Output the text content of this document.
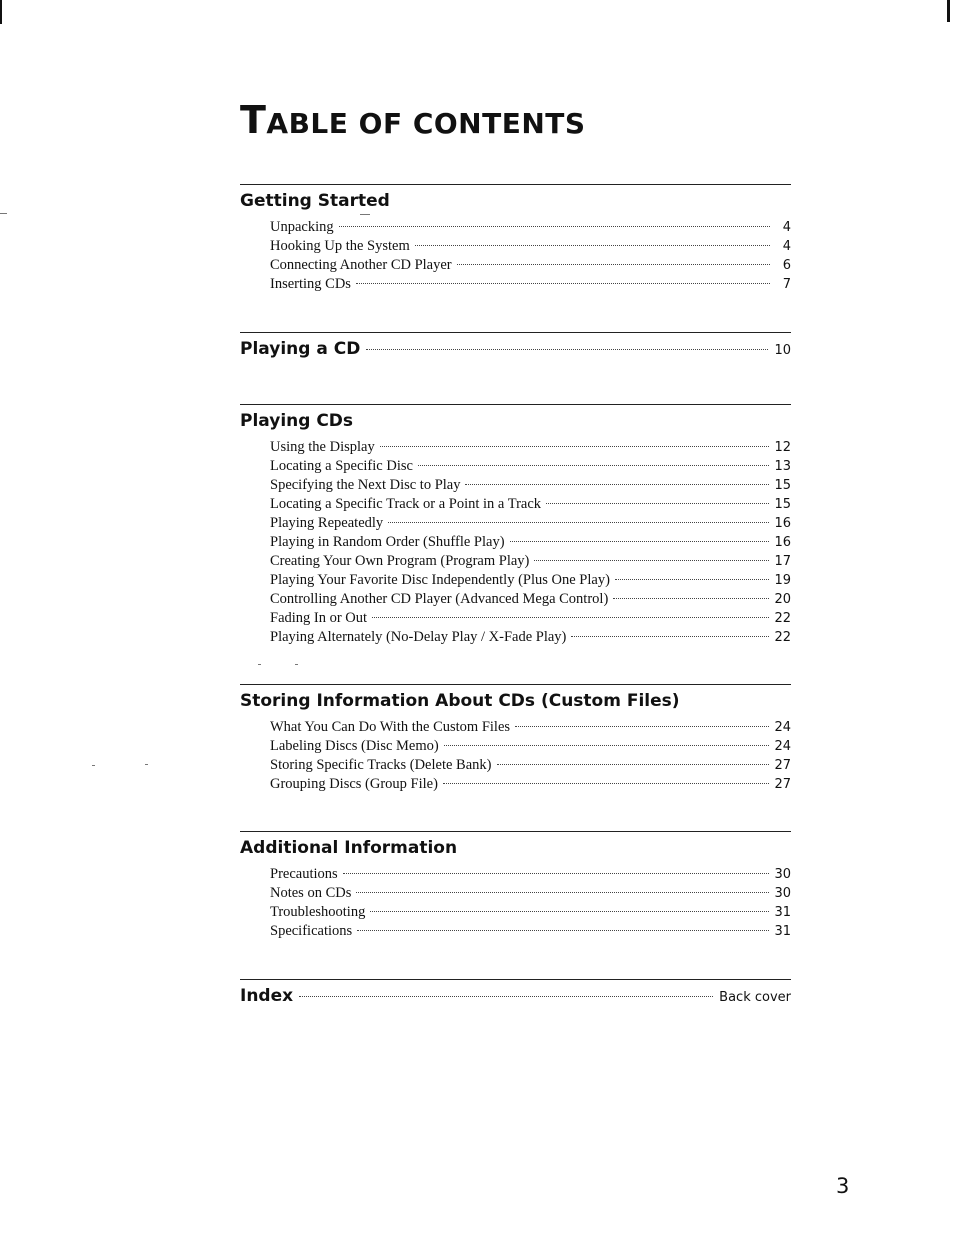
TABLE OF CONTENTS
Getting Started
Unpacking	4
Hooking Up the System	4
Connecting Another CD Player	6
Inserting CDs	7
Playing a CD	10
Playing CDs
Using the Display	12
Locating a Specific Disc	13
Specifying the Next Disc to Play	15
Locating a Specific Track or a Point in a Track	15
Playing Repeatedly	16
Playing in Random Order (Shuffle Play)	16
Creating Your Own Program (Program Play)	17
Playing Your Favorite Disc Independently (Plus One Play)	19
Controlling Another CD Player (Advanced Mega Control)	20
Fading In or Out	22
Playing Alternately (No-Delay Play / X-Fade Play)	22
Storing Information About CDs (Custom Files)
What You Can Do With the Custom Files	24
Labeling Discs (Disc Memo)	24
Storing Specific Tracks (Delete Bank)	27
Grouping Discs (Group File)	27
Additional Information
Precautions	30
Notes on CDs	30
Troubleshooting	31
Specifications	31
Index	Back cover
3
